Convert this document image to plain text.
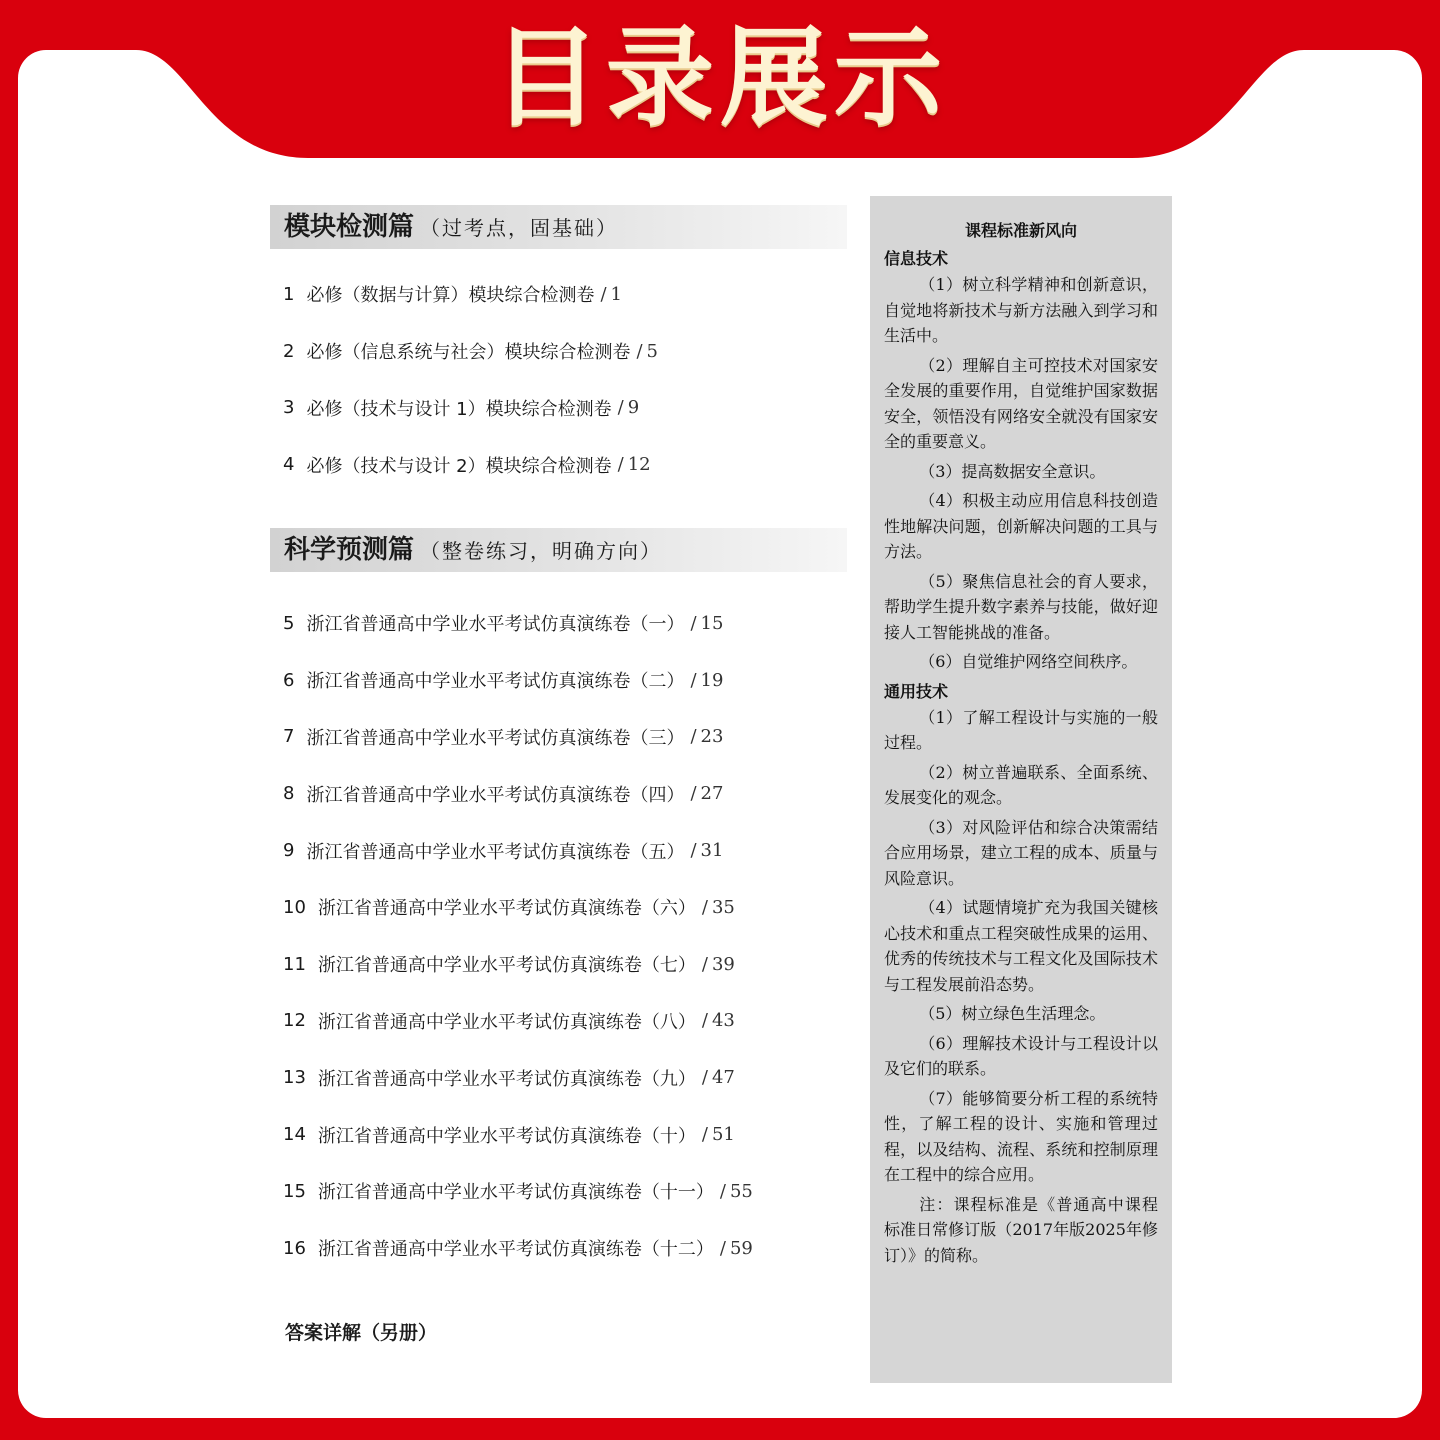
目录展示
模块检测篇 （过考点，固基础）
科学预测篇 （整卷练习，明确方向）
5 浙江省普通高中学业水平考试仿真演练卷（一） / 15
6 浙江省普通高中学业水平考试仿真演练卷（二） / 19
7 浙江省普通高中学业水平考试仿真演练卷（三） / 23
8 浙江省普通高中学业水平考试仿真演练卷（四） / 27
9 浙江省普通高中学业水平考试仿真演练卷（五） / 31
10 浙江省普通高中学业水平考试仿真演练卷（六） / 35
11 浙江省普通高中学业水平考试仿真演练卷（七） / 39
12 浙江省普通高中学业水平考试仿真演练卷（八） / 43
13 浙江省普通高中学业水平考试仿真演练卷（九） / 47
14 浙江省普通高中学业水平考试仿真演练卷（十） / 51
15 浙江省普通高中学业水平考试仿真演练卷（十一） / 55
16 浙江省普通高中学业水平考试仿真演练卷（十二） / 59
答案详解（另册）
课程标准新风向
信息技术

（1）树立科学精神和创新意识，自觉地将新技术与新方法融入到学习和生活中。

（2）理解自主可控技术对国家安全发展的重要作用，自觉维护国家数据安全，领悟没有网络安全就没有国家安全的重要意义。

（3）提高数据安全意识。

（4）积极主动应用信息科技创造性地解决问题，创新解决问题的工具与方法。

（5）聚焦信息社会的育人要求，帮助学生提升数字素养与技能，做好迎接人工智能挑战的准备。

（6）自觉维护网络空间秩序。

通用技术

（1）了解工程设计与实施的一般过程。

（2）树立普遍联系、全面系统、发展变化的观念。

（3）对风险评估和综合决策需结合应用场景，建立工程的成本、质量与风险意识。

（4）试题情境扩充为我国关键核心技术和重点工程突破性成果的运用、优秀的传统技术与工程文化及国际技术与工程发展前沿态势。

（5）树立绿色生活理念。

（6）理解技术设计与工程设计以及它们的联系。

（7）能够简要分析工程的系统特性，了解工程的设计、实施和管理过程，以及结构、流程、系统和控制原理在工程中的综合应用。

注：课程标准是《普通高中课程标准日常修订版（2017年版2025年修订）》的简称。

1 必修（数据与计算）模块综合检测卷 / 1
2 必修（信息系统与社会）模块综合检测卷 / 5
3 必修（技术与设计 1）模块综合检测卷 / 9
4 必修（技术与设计 2）模块综合检测卷 / 12
